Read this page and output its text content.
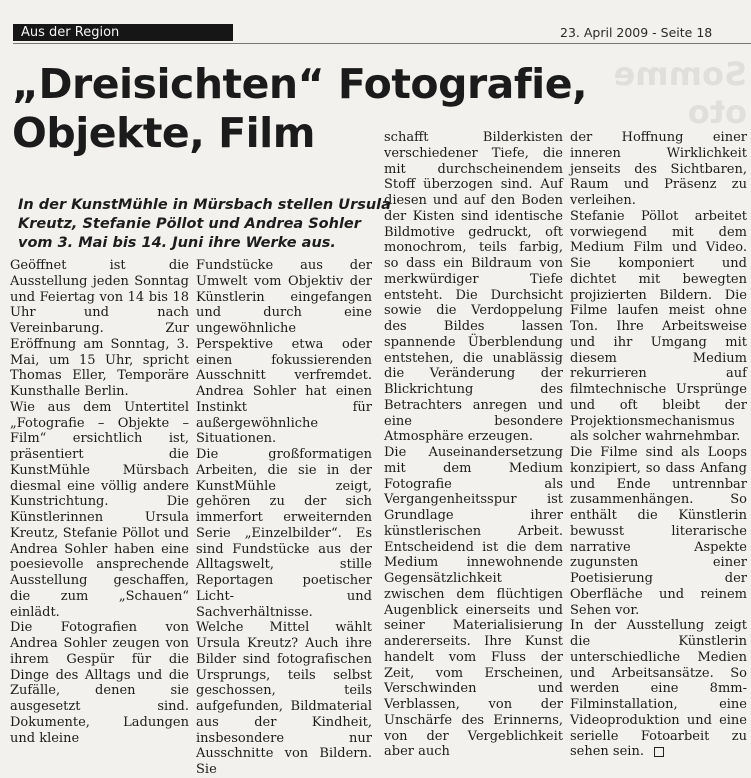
Aus der Region	23. April 2009 - Seite 18
Somme
oto
„Dreisichten“ Fotografie,
Objekte, Film
In der KunstMühle in Mürsbach stellen Ursula Kreutz, Stefanie Pöllot und Andrea Sohler vom 3. Mai bis 14. Juni ihre Werke aus.

Geöffnet ist die Ausstellung jeden Sonntag und Feiertag von 14 bis 18 Uhr und nach Vereinbarung. Zur Eröffnung am Sonntag, 3. Mai, um 15 Uhr, spricht Thomas Eller, Temporäre Kunsthalle Berlin.

Wie aus dem Untertitel „Fotografie – Objekte – Film“ ersichtlich ist, präsentiert die KunstMühle Mürsbach diesmal eine völlig andere Kunstrichtung. Die Künstlerinnen Ursula Kreutz, Stefanie Pöllot und Andrea Sohler haben eine poesievolle ansprechende Ausstellung geschaffen, die zum „Schauen“ einlädt.

Die Fotografien von Andrea Sohler zeugen von ihrem Gespür für die Dinge des Alltags und die Zufälle, denen sie ausgesetzt sind. Dokumente, Ladungen und kleine

Fundstücke aus der Umwelt vom Objektiv der Künstlerin eingefangen und durch eine ungewöhnliche Perspektive etwa oder einen fokussierenden Ausschnitt verfremdet. Andrea Sohler hat einen Instinkt für außergewöhnliche Situationen.

Die großformatigen Arbeiten, die sie in der KunstMühle zeigt, gehören zu der sich immerfort erweiternden Serie „Einzelbilder“. Es sind Fundstücke aus der Alltagswelt, stille Reportagen poetischer Licht- und Sachverhältnisse.

Welche Mittel wählt Ursula Kreutz? Auch ihre Bilder sind fotografischen Ursprungs, teils selbst geschossen, teils aufgefunden, Bildmaterial aus der Kindheit, insbesondere nur Ausschnitte von Bildern. Sie

schafft Bilderkisten verschiedener Tiefe, die mit durchscheinendem Stoff überzogen sind. Auf diesen und auf den Boden der Kisten sind identische Bildmotive gedruckt, oft monochrom, teils farbig, so dass ein Bildraum von merkwürdiger Tiefe entsteht. Die Durchsicht sowie die Verdoppelung des Bildes lassen spannende Überblendung entstehen, die unablässig die Veränderung der Blickrichtung des Betrachters anregen und eine besondere Atmosphäre erzeugen.

Die Auseinandersetzung mit dem Medium Fotografie als Vergangenheitsspur ist Grundlage ihrer künstlerischen Arbeit. Entscheidend ist die dem Medium innewohnende Gegensätzlichkeit zwischen dem flüchtigen Augenblick einerseits und seiner Materialisierung andererseits. Ihre Kunst handelt vom Fluss der Zeit, vom Erscheinen, Verschwinden und Verblassen, von der Unschärfe des Erinnerns, von der Vergeblichkeit aber auch

der Hoffnung einer inneren Wirklichkeit jenseits des Sichtbaren, Raum und Präsenz zu verleihen.

Stefanie Pöllot arbeitet vorwiegend mit dem Medium Film und Video. Sie komponiert und dichtet mit bewegten projizierten Bildern. Die Filme laufen meist ohne Ton. Ihre Arbeitsweise und ihr Umgang mit diesem Medium rekurrieren auf filmtechnische Ursprünge und oft bleibt der Projektionsmechanismus als solcher wahrnehmbar.

Die Filme sind als Loops konzipiert, so dass Anfang und Ende untrennbar zusammenhängen. So enthält die Künstlerin bewusst literarische narrative Aspekte zugunsten einer Poetisierung der Oberfläche und reinem Sehen vor.

In der Ausstellung zeigt die Künstlerin unterschiedliche Medien und Arbeitsansätze. So werden eine 8mm-Filminstallation, eine Videoproduktion und eine serielle Fotoarbeit zu sehen sein.
